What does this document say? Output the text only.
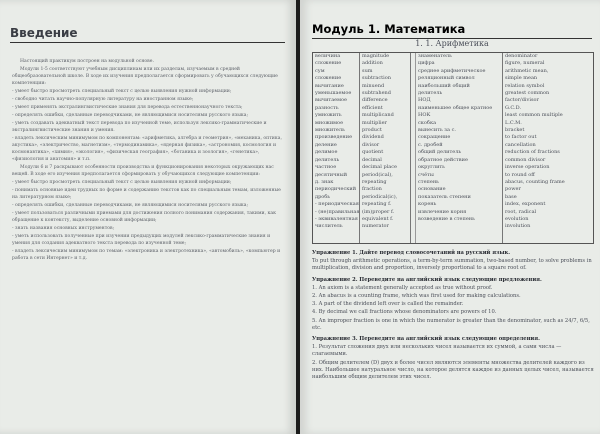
Введение

Настоящий практикум построен на модульной основе.

Модули 1-5 соответствуют учебным дисциплинам или их разделам, изучаемым в средней общеобразовательной школе. В ходе их изучения предполагается сформировать у обучающихся следующие компетенции:

- умеет быстро просмотреть специальный текст с целью выявления нужной информации;

- свободно читать научно-популярную литературу на иностранном языке;

- умеет применять экстралингвистические знания для перевода естественнонаучного текста;

- определять ошибки, сделанные переводчиками, не являющимися носителями русского языка;

- уметь создавать адекватный текст перевода по изученной теме, используя лексико-грамматические и экстралингвистические знания и умения.

- владеть лексическим минимумом по компонентам: «арифметика, алгебра и геометрия», «механика, оптика, акустика», «электричество, магнетизм», «термодинамика», «ядерная физика», «астрономия, космология и космонавтика», «химия», «экология», «физическая география», «ботаника и зоология», «генетика», «физиология и анатомия» и т.п.

Модули 6 и 7 раскрывают особенности производства и функционирования некоторых окружающих нас вещей. В ходе его изучения предполагается сформировать у обучающихся следующие компетенции:

- умеет быстро просмотреть специальный текст с целью выявления нужной информации;

- понимать основные идеи трудных по форме и содержанию текстов как по специальным темам, изложенные на литературном языке;

- определять ошибки, сделанные переводчиками, не являющимися носителями русского языка;

- умеет пользоваться различными приемами для достижения полного понимания содержания, такими, как обращение к контексту, выделение основной информации;

- знать названия основных инструментов;

- уметь использовать полученные при изучении предыдущих модулей лексико-грамматические знания и умения для создания адекватного текста перевода по изученной теме;

- владеть лексическим минимумом по темам: «электроника и электротехника», «автомобиль», «компьютер и работа в сети Интернет» и т.д.

Модуль 1. Математика
1. 1. Арифметика
величина
сложение
сум
сложение
вычитание
уменьшаемое
вычитаемое
разность
умножить
множимое
множитель
произведение
деление
делимое
делитель
частное
десятичный
д. знак
периодический
дробь
- периодическая
- (не)правильная
- эквивалентная
числитель
magnitude
addition
sum
subtraction
minuend
subtrahend
difference
efficient
multiplicand
multiplier
product
dividend
divisor
quotient
decimal
decimal place
period(ical),
repeating
fraction
periodical(ic),
repeating f.
(im)proper f.
equivalent f.
numerator
знаменатель
цифра
среднее арифметическое
реляционный символ
наибольший общий
делитель
НОД
наименьшее общее кратное
НОК
скобка
вынесить за с.
сокращение
с. дробей
общий делитель
обратное действие
округлить
счёты
степень
основание
показатель степени
корень
извлечение корня
возведение в степень
denominator
figure, numeral
arithmetic mean,
simple mean
relation symbol
greatest common
factor/divisor
G.C.D.
least common multiple
L.C.M.
bracket
to factor out
cancellation
reduction of fractions
common divisor
inverse operation
to round off
abacus, counting frame
power
base
index, exponent
root, radical
evolution
involution

Упражнение 1. Дайте перевод словосочетаний на русский язык.

To put through arithmetic operations, a term-by-term summation, two-based number, to solve problems in multiplication, division and proportion, inversely proportional to a square root of.

Упражнение 2. Переведите на английский язык следующие предложения.

1. An axiom is a statement generally accepted as true without proof.

2. An abacus is a counting frame, which was first used for making calculations.

3. A part of the dividend left over is called the remainder.

4. By decimal we call fractions whose denominators are powers of 10.

5. An improper fraction is one in which the numerator is greater than the denominator, such as 24/7, 6/5, etc.

Упражнение 3. Переведите на английский язык следующие определения.

1. Результат сложения двух или нескольких чисел называется их суммой, а сами числа — слагаемыми.

2. Общим делителем (D) двух и более чисел являются элементы множества делителей каждого из них. Наибольшее натуральное число, на которое делятся каждое из данных целых чисел, называется наибольшим общим делителем этих чисел.
